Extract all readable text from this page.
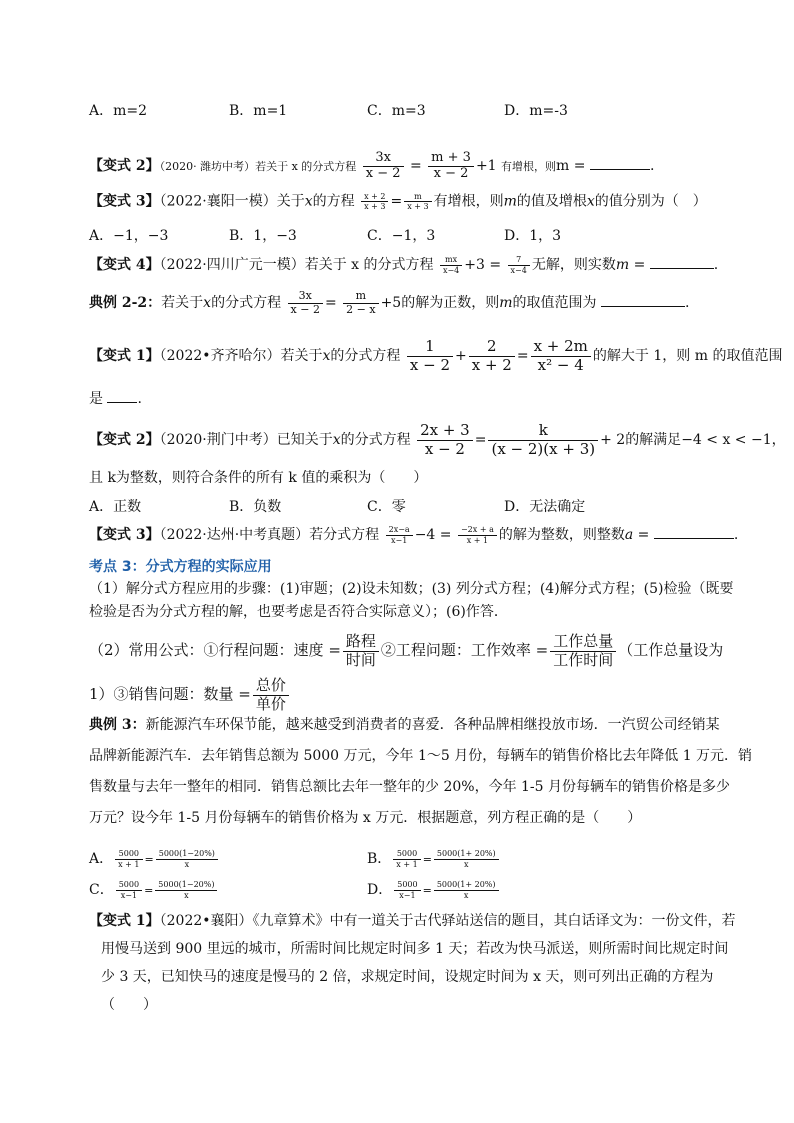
A．m=2	B．m=1	C．m=3	D．m=-3
【变式 2】（2020· 潍坊中考）若关于 x 的分式方程 $\frac{3x}{x - 2} = \frac{m + 3}{x - 2} +1$ 有增根，则m =	.
【变式 3】（2022·襄阳一模）关于x的方程 $\frac{x + 2}{x + 3} = \frac{m}{x + 3}$ 有增根，则m的值及增根x的值分别为（　）
A．−1，−3	B．1，−3	C．−1，3	D．1，3
【变式 4】（2022·四川广元一模）若关于 x 的分式方程 $\frac{mx}{x-4} +3 = \frac{7}{x-4}$ 无解，则实数m =	.
典例 2-2：若关于x的分式方程 $\frac{3x}{x - 2} = \frac{m}{2 - x} +5$的解为正数，则m的取值范围为	.
【变式 1】（2022•齐齐哈尔）若关于x的分式方程 $\frac{1}{x - 2} + \frac{2}{x + 2} = \frac{x + 2m}{\text{x² − 4}}$ 的解大于 1，则 m 的取值范围
是 .
【变式 2】（2020·荆门中考）已知关于x的分式方程 $\frac{2x + 3}{x - 2} = \frac{k}{(x - 2)(x + 3)} + 2$的解满足−4 < x < −1，
且 k为整数，则符合条件的所有 k 值的乘积为（　　）
A．正数	B．负数	C．零	D．无法确定
【变式 3】（2022·达州·中考真题）若分式方程 $\frac{2x-a}{x-1} -4 = \frac{-2x + a}{x + 1}$ 的解为整数，则整数a =	.
考点 3：分式方程的实际应用
（1）解分式方程应用的步骤：(1)审题；(2)设未知数；(3) 列分式方程；(4)解分式方程；(5)检验（既要
检验是否为分式方程的解，也要考虑是否符合实际意义）；(6)作答．
（2）常用公式：①行程问题：速度 = $\frac{\text{路程}}{\text{时间}}$ ②工程问题：工作效率 = $\frac{\text{工作总量}}{\text{工作时间}}$ （工作总量设为
1）③销售问题：数量 = $\frac{\text{总价}}{\text{单价}}$
典例 3：新能源汽车环保节能，越来越受到消费者的喜爱．各种品牌相继投放市场．一汽贸公司经销某
品牌新能源汽车．去年销售总额为 5000 万元，今年 1～5 月份，每辆车的销售价格比去年降低 1 万元．销
售数量与去年一整年的相同．销售总额比去年一整年的少 20%，今年 1-5 月份每辆车的销售价格是多少
万元？设今年 1-5 月份每辆车的销售价格为 x 万元．根据题意，列方程正确的是（　　）
A． $\frac{5000}{x + 1} = \frac{5000(1-20\%)}{x}$	B． $\frac{5000}{x + 1} = \frac{5000(1+ 20\%)}{x}$
C． $\frac{5000}{x-1} = \frac{5000(1-20\%)}{x}$	D． $\frac{5000}{x-1} = \frac{5000(1+ 20\%)}{x}$
【变式 1】（2022•襄阳）《九章算术》中有一道关于古代驿站送信的题目，其白话译文为：一份文件，若
用慢马送到 900 里远的城市，所需时间比规定时间多 1 天；若改为快马派送，则所需时间比规定时间
少 3 天，已知快马的速度是慢马的 2 倍，求规定时间，设规定时间为 x 天，则可列出正确的方程为
（　　）
